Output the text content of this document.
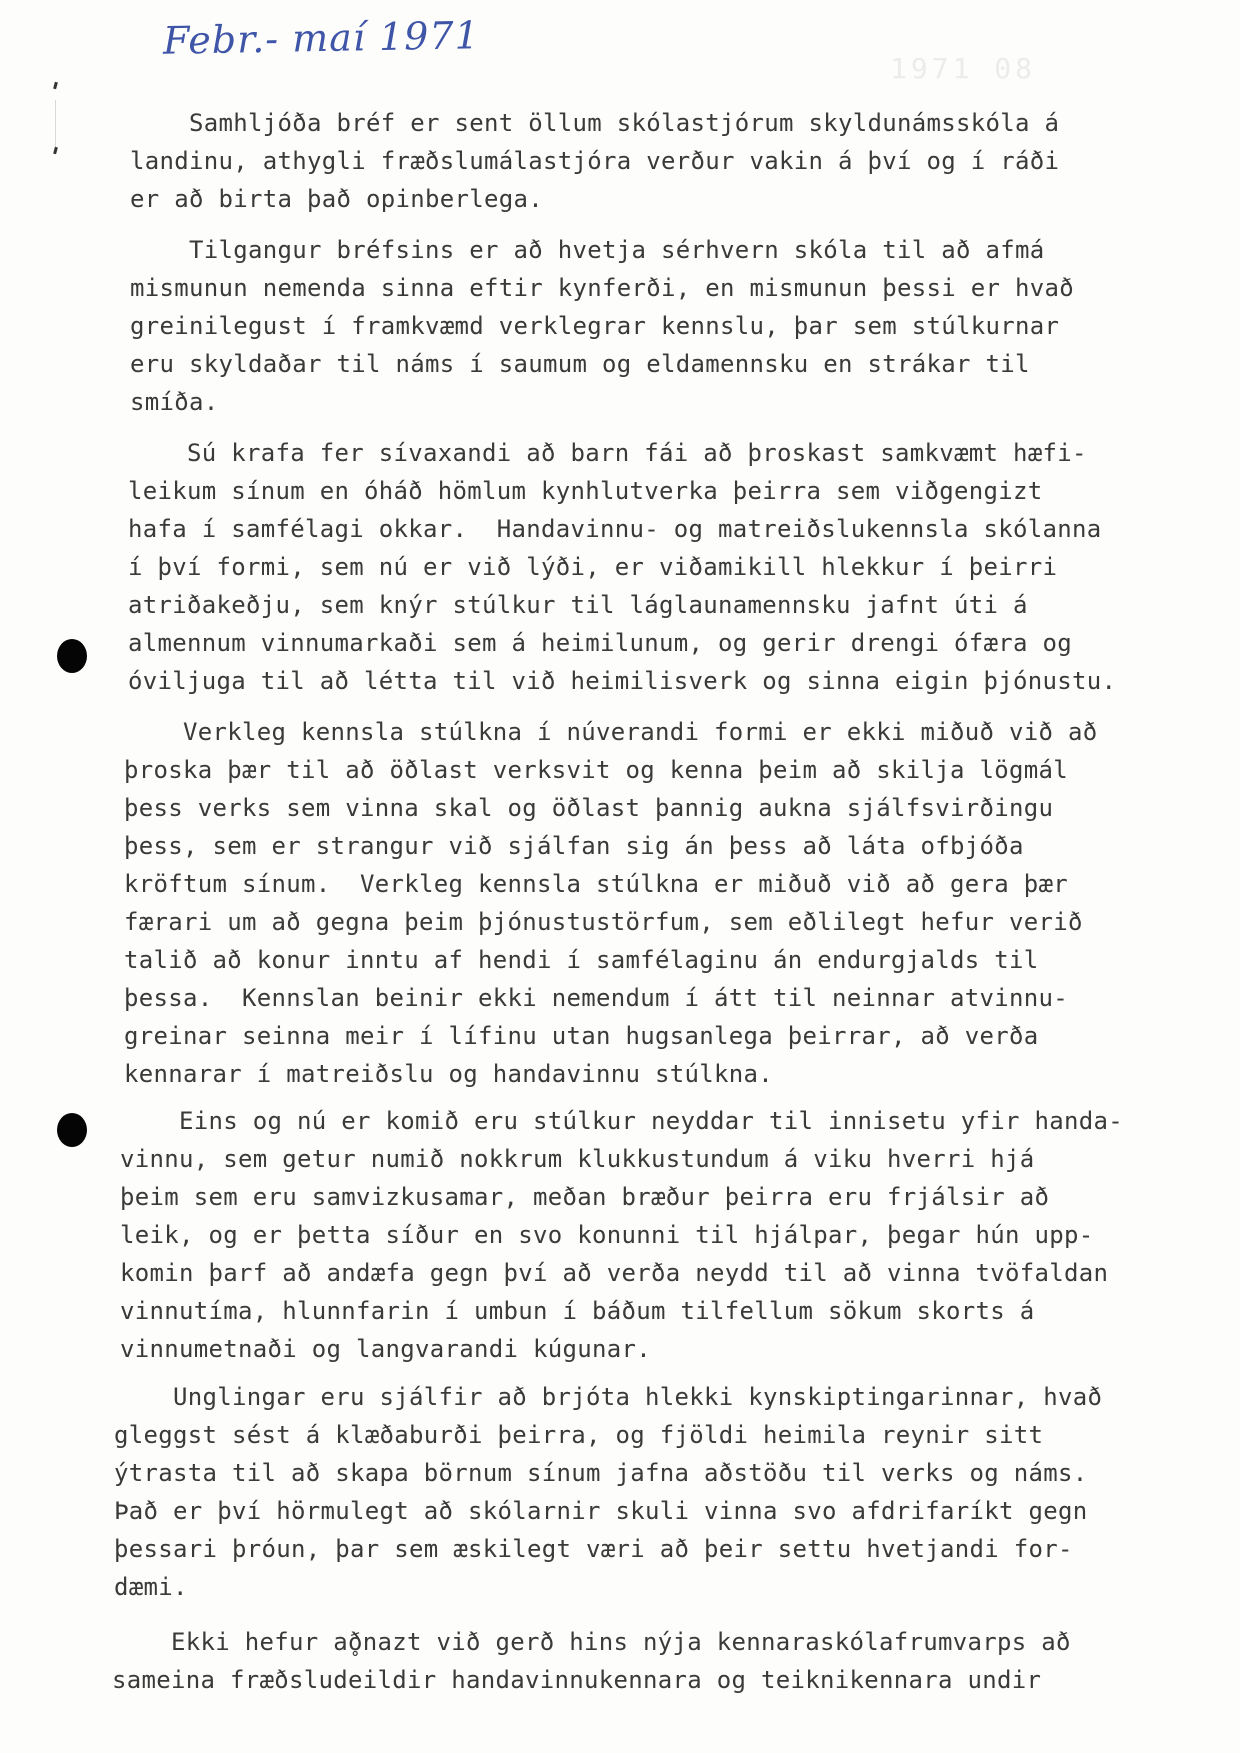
Febr.- maí 1971
1971 08
Samhljóða bréf er sent öllum skólastjórum skyldunámsskóla á
landinu, athygli fræðslumálastjóra verður vakin á því og í ráði
er að birta það opinberlega.
Tilgangur bréfsins er að hvetja sérhvern skóla til að afmá
mismunun nemenda sinna eftir kynferði, en mismunun þessi er hvað
greinilegust í framkvæmd verklegrar kennslu, þar sem stúlkurnar
eru skyldaðar til náms í saumum og eldamennsku en strákar til
smíða.
Sú krafa fer sívaxandi að barn fái að þroskast samkvæmt hæfi-
leikum sínum en óháð hömlum kynhlutverka þeirra sem viðgengizt
hafa í samfélagi okkar.  Handavinnu- og matreiðslukennsla skólanna
í því formi, sem nú er við lýði, er viðamikill hlekkur í þeirri
atriðakeðju, sem knýr stúlkur til láglaunamennsku jafnt úti á
almennum vinnumarkaði sem á heimilunum, og gerir drengi ófæra og
óviljuga til að létta til við heimilisverk og sinna eigin þjónustu.
Verkleg kennsla stúlkna í núverandi formi er ekki miðuð við að
þroska þær til að öðlast verksvit og kenna þeim að skilja lögmál
þess verks sem vinna skal og öðlast þannig aukna sjálfsvirðingu
þess, sem er strangur við sjálfan sig án þess að láta ofbjóða
kröftum sínum.  Verkleg kennsla stúlkna er miðuð við að gera þær
færari um að gegna þeim þjónustustörfum, sem eðlilegt hefur verið
talið að konur inntu af hendi í samfélaginu án endurgjalds til
þessa.  Kennslan beinir ekki nemendum í átt til neinnar atvinnu-
greinar seinna meir í lífinu utan hugsanlega þeirrar, að verða
kennarar í matreiðslu og handavinnu stúlkna.
Eins og nú er komið eru stúlkur neyddar til innisetu yfir handa-
vinnu, sem getur numið nokkrum klukkustundum á viku hverri hjá
þeim sem eru samvizkusamar, meðan bræður þeirra eru frjálsir að
leik, og er þetta síður en svo konunni til hjálpar, þegar hún upp-
komin þarf að andæfa gegn því að verða neydd til að vinna tvöfaldan
vinnutíma, hlunnfarin í umbun í báðum tilfellum sökum skorts á
vinnumetnaði og langvarandi kúgunar.
Unglingar eru sjálfir að brjóta hlekki kynskiptingarinnar, hvað
gleggst sést á klæðaburði þeirra, og fjöldi heimila reynir sitt
ýtrasta til að skapa börnum sínum jafna aðstöðu til verks og náms.
Það er því hörmulegt að skólarnir skuli vinna svo afdrifaríkt gegn
þessari þróun, þar sem æskilegt væri að þeir settu hvetjandi for-
dæmi.
Ekki hefur að̥nazt við gerð hins nýja kennaraskólafrumvarps að
sameina fræðsludeildir handavinnukennara og teiknikennara undir
